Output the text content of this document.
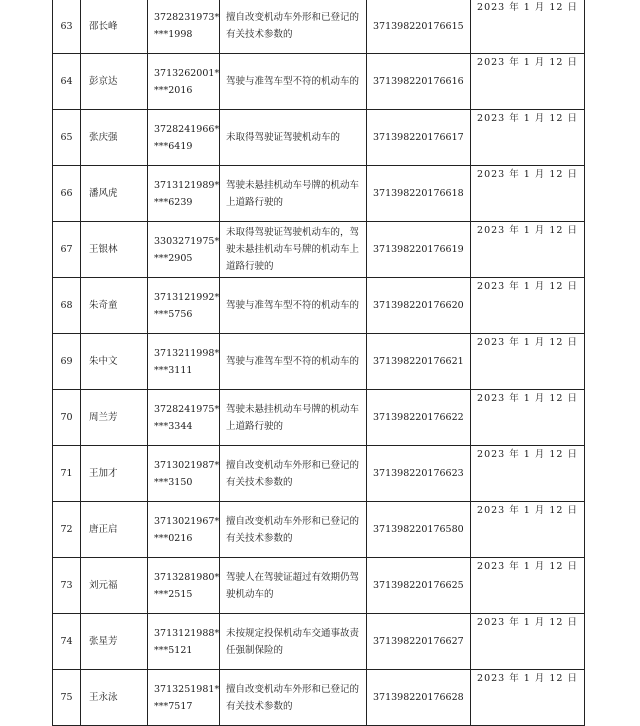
63	邵长峰	3728231973*
***1998	擅自改变机动车外形和已登记的有关技术参数的	371398220176615	2023 年 1 月 12 日
64	彭京达	3713262001*
***2016	驾驶与准驾车型不符的机动车的	371398220176616	2023 年 1 月 12 日
65	张庆强	3728241966*
***6419	未取得驾驶证驾驶机动车的	371398220176617	2023 年 1 月 12 日
66	潘风虎	3713121989*
***6239	驾驶未悬挂机动车号牌的机动车上道路行驶的	371398220176618	2023 年 1 月 12 日
67	王银林	3303271975*
***2905	未取得驾驶证驾驶机动车的，驾驶未悬挂机动车号牌的机动车上道路行驶的	371398220176619	2023 年 1 月 12 日
68	朱奇童	3713121992*
***5756	驾驶与准驾车型不符的机动车的	371398220176620	2023 年 1 月 12 日
69	朱中文	3713211998*
***3111	驾驶与准驾车型不符的机动车的	371398220176621	2023 年 1 月 12 日
70	周兰芳	3728241975*
***3344	驾驶未悬挂机动车号牌的机动车上道路行驶的	371398220176622	2023 年 1 月 12 日
71	王加才	3713021987*
***3150	擅自改变机动车外形和已登记的有关技术参数的	371398220176623	2023 年 1 月 12 日
72	唐正启	3713021967*
***0216	擅自改变机动车外形和已登记的有关技术参数的	371398220176580	2023 年 1 月 12 日
73	刘元福	3713281980*
***2515	驾驶人在驾驶证超过有效期仍驾驶机动车的	371398220176625	2023 年 1 月 12 日
74	张星芳	3713121988*
***5121	未按规定投保机动车交通事故责任强制保险的	371398220176627	2023 年 1 月 12 日
75	王永泳	3713251981*
***7517	擅自改变机动车外形和已登记的有关技术参数的	371398220176628	2023 年 1 月 12 日
